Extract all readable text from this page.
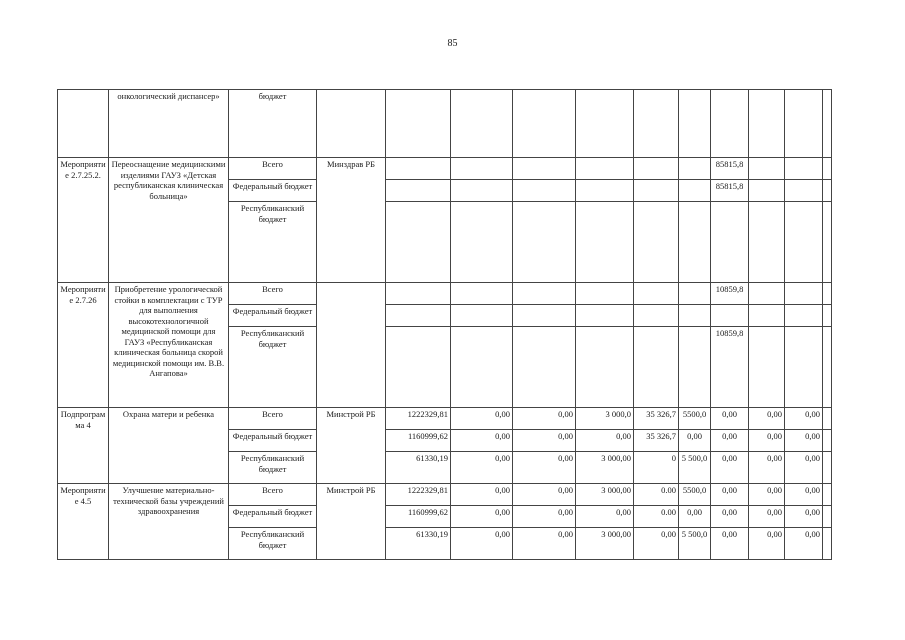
85
	онкологический диспансер»	бюджет											
Мероприятие 2.7.25.2.	Переоснащение медицинскими изделиями ГАУЗ «Детская республиканская клиническая больница»	Всего	Минздрав РБ							85815,8			
		Федеральный бюджет								85815,8			
		Республиканский бюджет											
Мероприятие 2.7.26	Приобретение урологической стойки в комплектации с ТУР для выполнения высокотехнологичной медицинской помощи для ГАУЗ «Республиканская клиническая больница скорой медицинской помощи им. В.В. Ангапова»	Всего								10859,8			
		Федеральный бюджет											
		Республиканский бюджет								10859,8			
Подпрограмма 4	Охрана матери и ребенка	Всего	Минстрой РБ	1222329,81	0,00	0,00	3 000,0	35 326,7	5500,0	0,00	0,00	0,00	
		Федеральный бюджет		1160999,62	0,00	0,00	0,00	35 326,7	0,00	0,00	0,00	0,00	
		Республиканский бюджет		61330,19	0,00	0,00	3 000,00	0	5 500,0	0,00	0,00	0,00	
Мероприятие 4.5	Улучшение материально-технической базы учреждений здравоохранения	Всего	Минстрой РБ	1222329,81	0,00	0,00	3 000,00	0.00	5500,0	0,00	0,00	0,00	
		Федеральный бюджет		1160999,62	0,00	0,00	0,00	0.00	0,00	0,00	0,00	0,00	
		Республиканский бюджет		61330,19	0,00	0,00	3 000,00	0,00	5 500,0	0,00	0,00	0,00	
